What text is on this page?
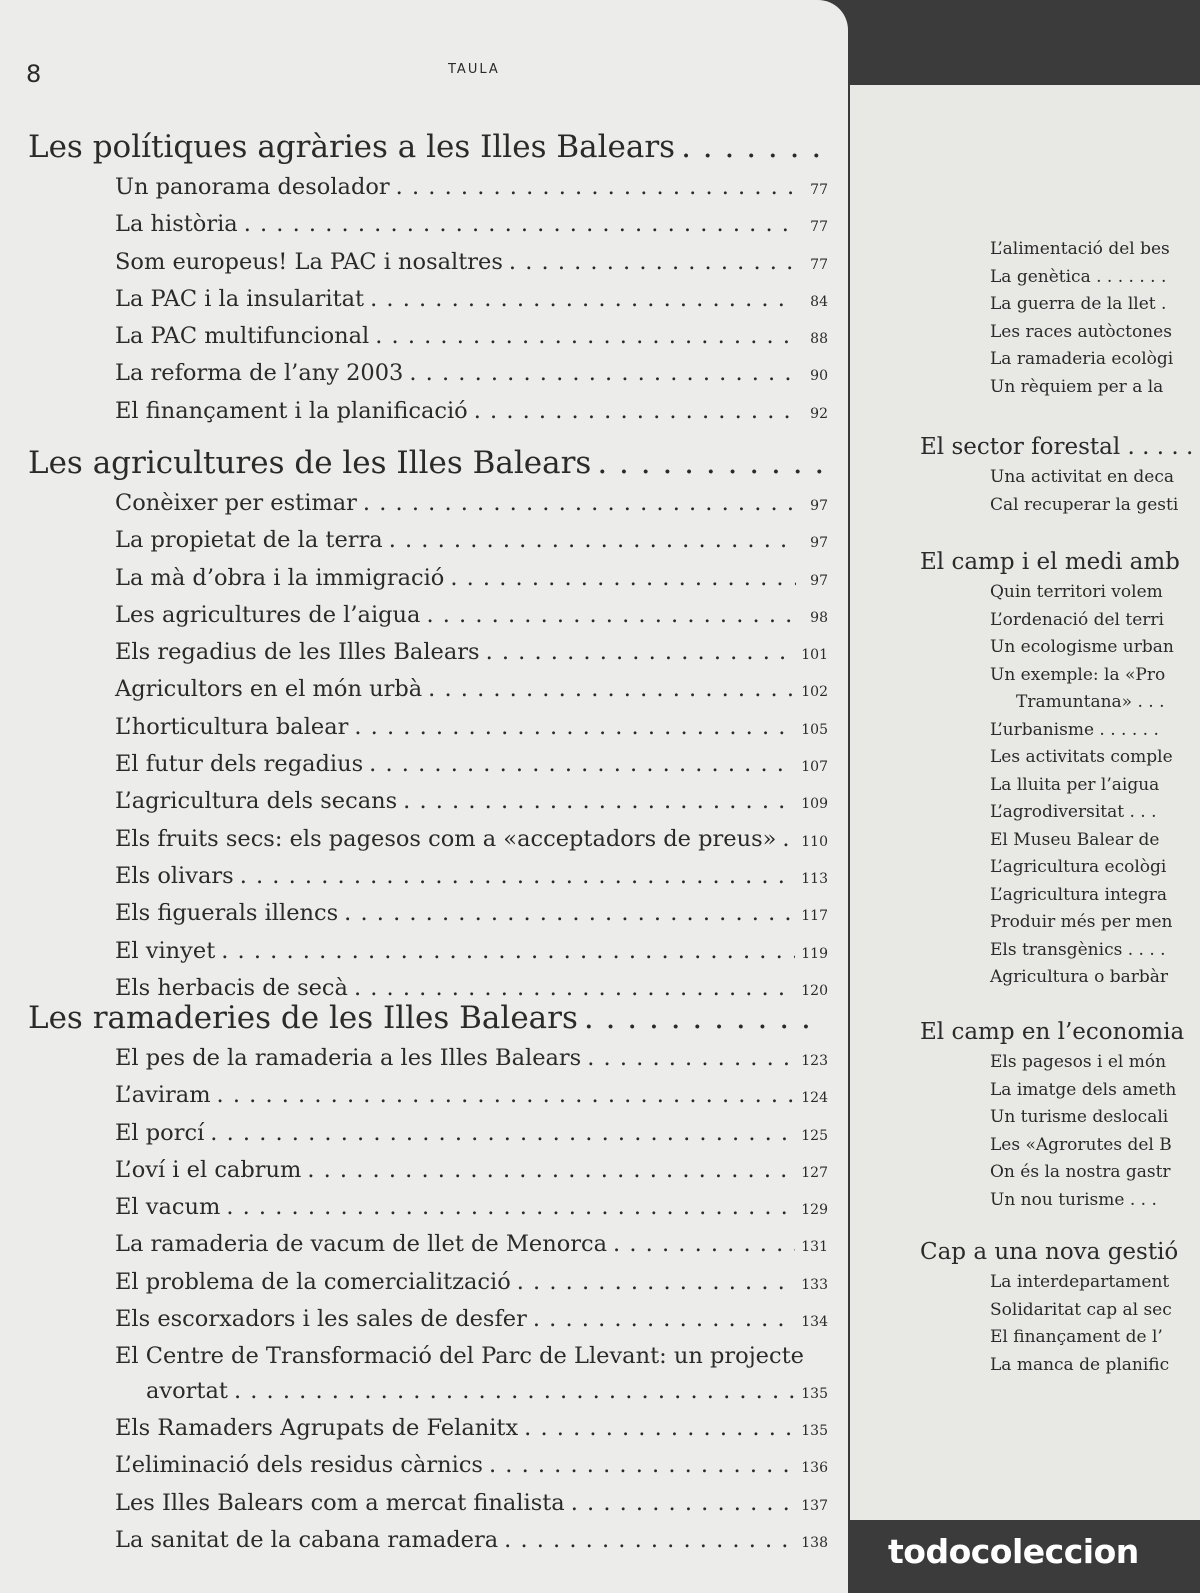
8	TAULA
Les polítiques agràries a les Illes Balears
. . .
Un panorama desolador . . .	77
La història . . .	77
Som europeus! La PAC i nosaltres . . .	77
La PAC i la insularitat . . .	84
La PAC multifuncional . . .	88
La reforma de l’any 2003 . . .	90
El finançament i la planificació . . .	92
Les agricultures de les Illes Balears
. . .
Conèixer per estimar . . .	97
La propietat de la terra . . .	97
La mà d’obra i la immigració . . .	97
Les agricultures de l’aigua . . .	98
Els regadius de les Illes Balears . . .	101
Agricultors en el món urbà . . .	102
L’horticultura balear . . .	105
El futur dels regadius . . .	107
L’agricultura dels secans . . .	109
Els fruits secs: els pagesos com a «acceptadors de preus» . . . 110
Els olivars . . .	113
Els figuerals illencs . . .	117
El vinyet . . .	119
Els herbacis de secà . . .	120
Les ramaderies de les Illes Balears
. . .
El pes de la ramaderia a les Illes Balears . . .	123
L’aviram . . .	124
El porcí . . .	125
L’oví i el cabrum . . .	127
El vacum . . .	129
La ramaderia de vacum de llet de Menorca . . .	131
El problema de la comercialització . . .	133
Els escorxadors i les sales de desfer . . .	134
El Centre de Transformació del Parc de Llevant: un projecte
avortat . . .	135
Els Ramaders Agrupats de Felanitx . . .	135
L’eliminació dels residus càrnics . . .	136
Les Illes Balears com a mercat finalista . . .	137
La sanitat de la cabana ramadera . . .	138
L’alimentació del bes
La genètica . . . . . . .
La guerra de la llet .
Les races autòctones
La ramaderia ecològi
Un rèquiem per a la
El sector forestal . . . . .
Una activitat en deca
Cal recuperar la gesti
El camp i el medi amb
Quin territori volem
L’ordenació del terri
Un ecologisme urban
Un exemple: la «Pro
Tramuntana» . . .
L’urbanisme . . . . . .
Les activitats comple
La lluita per l’aigua
L’agrodiversitat . . .
El Museu Balear de
L’agricultura ecològi
L’agricultura integra
Produir més per men
Els transgènics . . . .
Agricultura o barbàr
El camp en l’economia
Els pagesos i el món
La imatge dels ameth
Un turisme deslocali
Les «Agrorutes del B
On és la nostra gastr
Un nou turisme . . .
Cap a una nova gestió
La interdepartament
Solidaritat cap al sec
El finançament de l’
La manca de planific
todocoleccion
